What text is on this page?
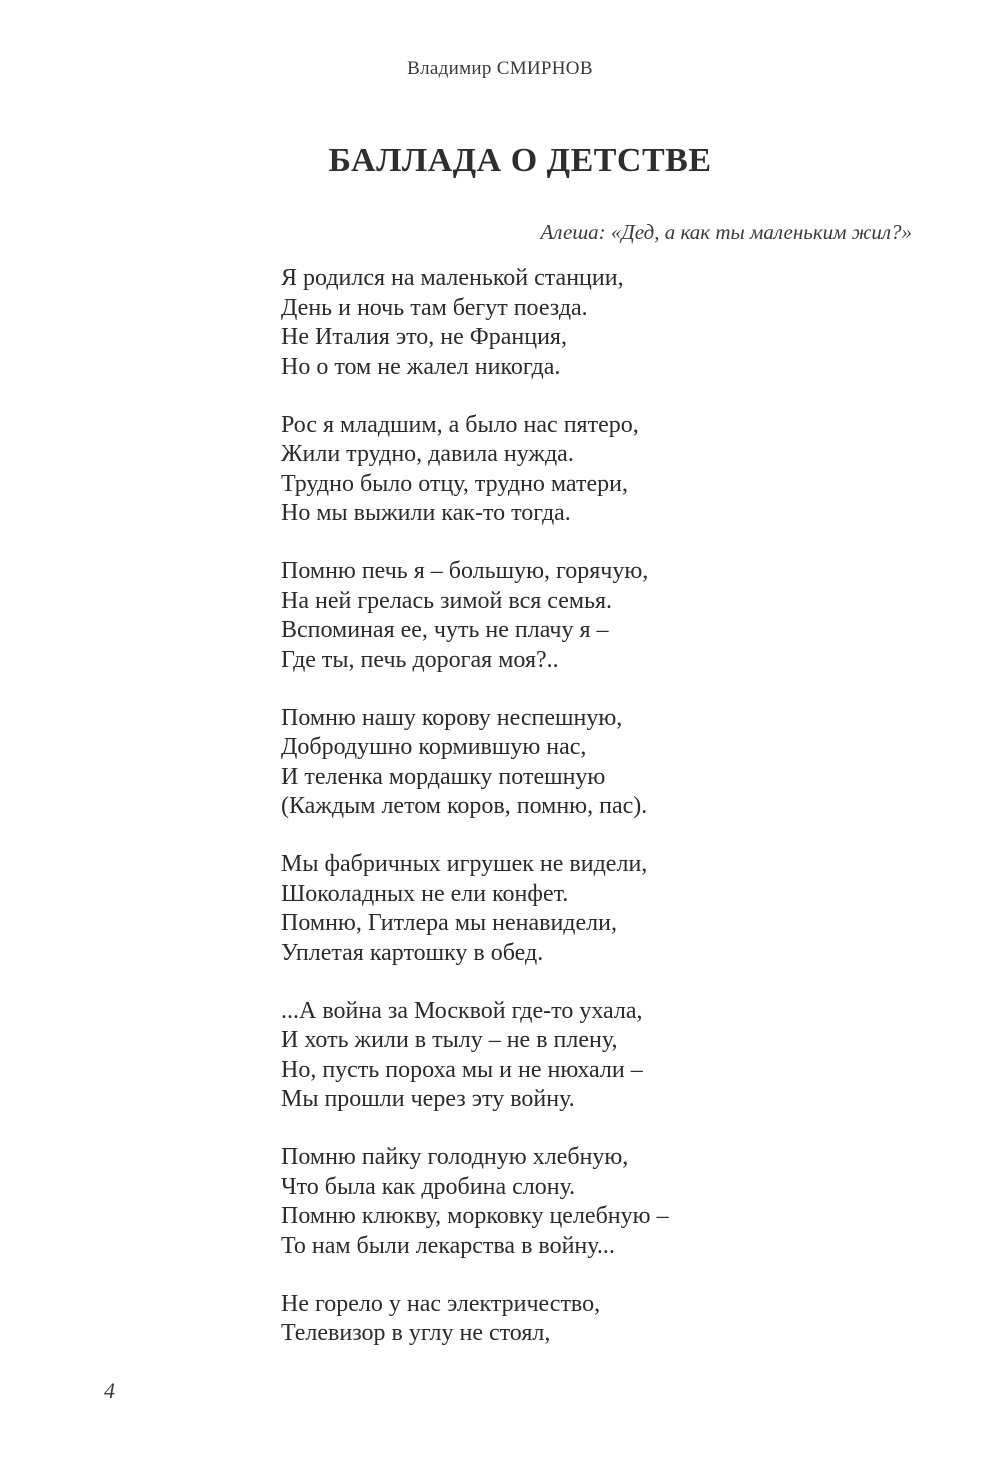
Владимир СМИРНОВ
БАЛЛАДА О ДЕТСТВЕ
Алеша: «Дед, а как ты маленьким жил?»
Я родился на маленькой станции,
День и ночь там бегут поезда.
Не Италия это, не Франция,
Но о том не жалел никогда.
Рос я младшим, а было нас пятеро,
Жили трудно, давила нужда.
Трудно было отцу, трудно матери,
Но мы выжили как-то тогда.
Помню печь я – большую, горячую,
На ней грелась зимой вся семья.
Вспоминая ее, чуть не плачу я –
Где ты, печь дорогая моя?..
Помню нашу корову неспешную,
Добродушно кормившую нас,
И теленка мордашку потешную
(Каждым летом коров, помню, пас).
Мы фабричных игрушек не видели,
Шоколадных не ели конфет.
Помню, Гитлера мы ненавидели,
Уплетая картошку в обед.
...А война за Москвой где-то ухала,
И хоть жили в тылу – не в плену,
Но, пусть пороха мы и не нюхали –
Мы прошли через эту войну.
Помню пайку голодную хлебную,
Что была как дробина слону.
Помню клюкву, морковку целебную –
То нам были лекарства в войну...
Не горело у нас электричество,
Телевизор в углу не стоял,
4
